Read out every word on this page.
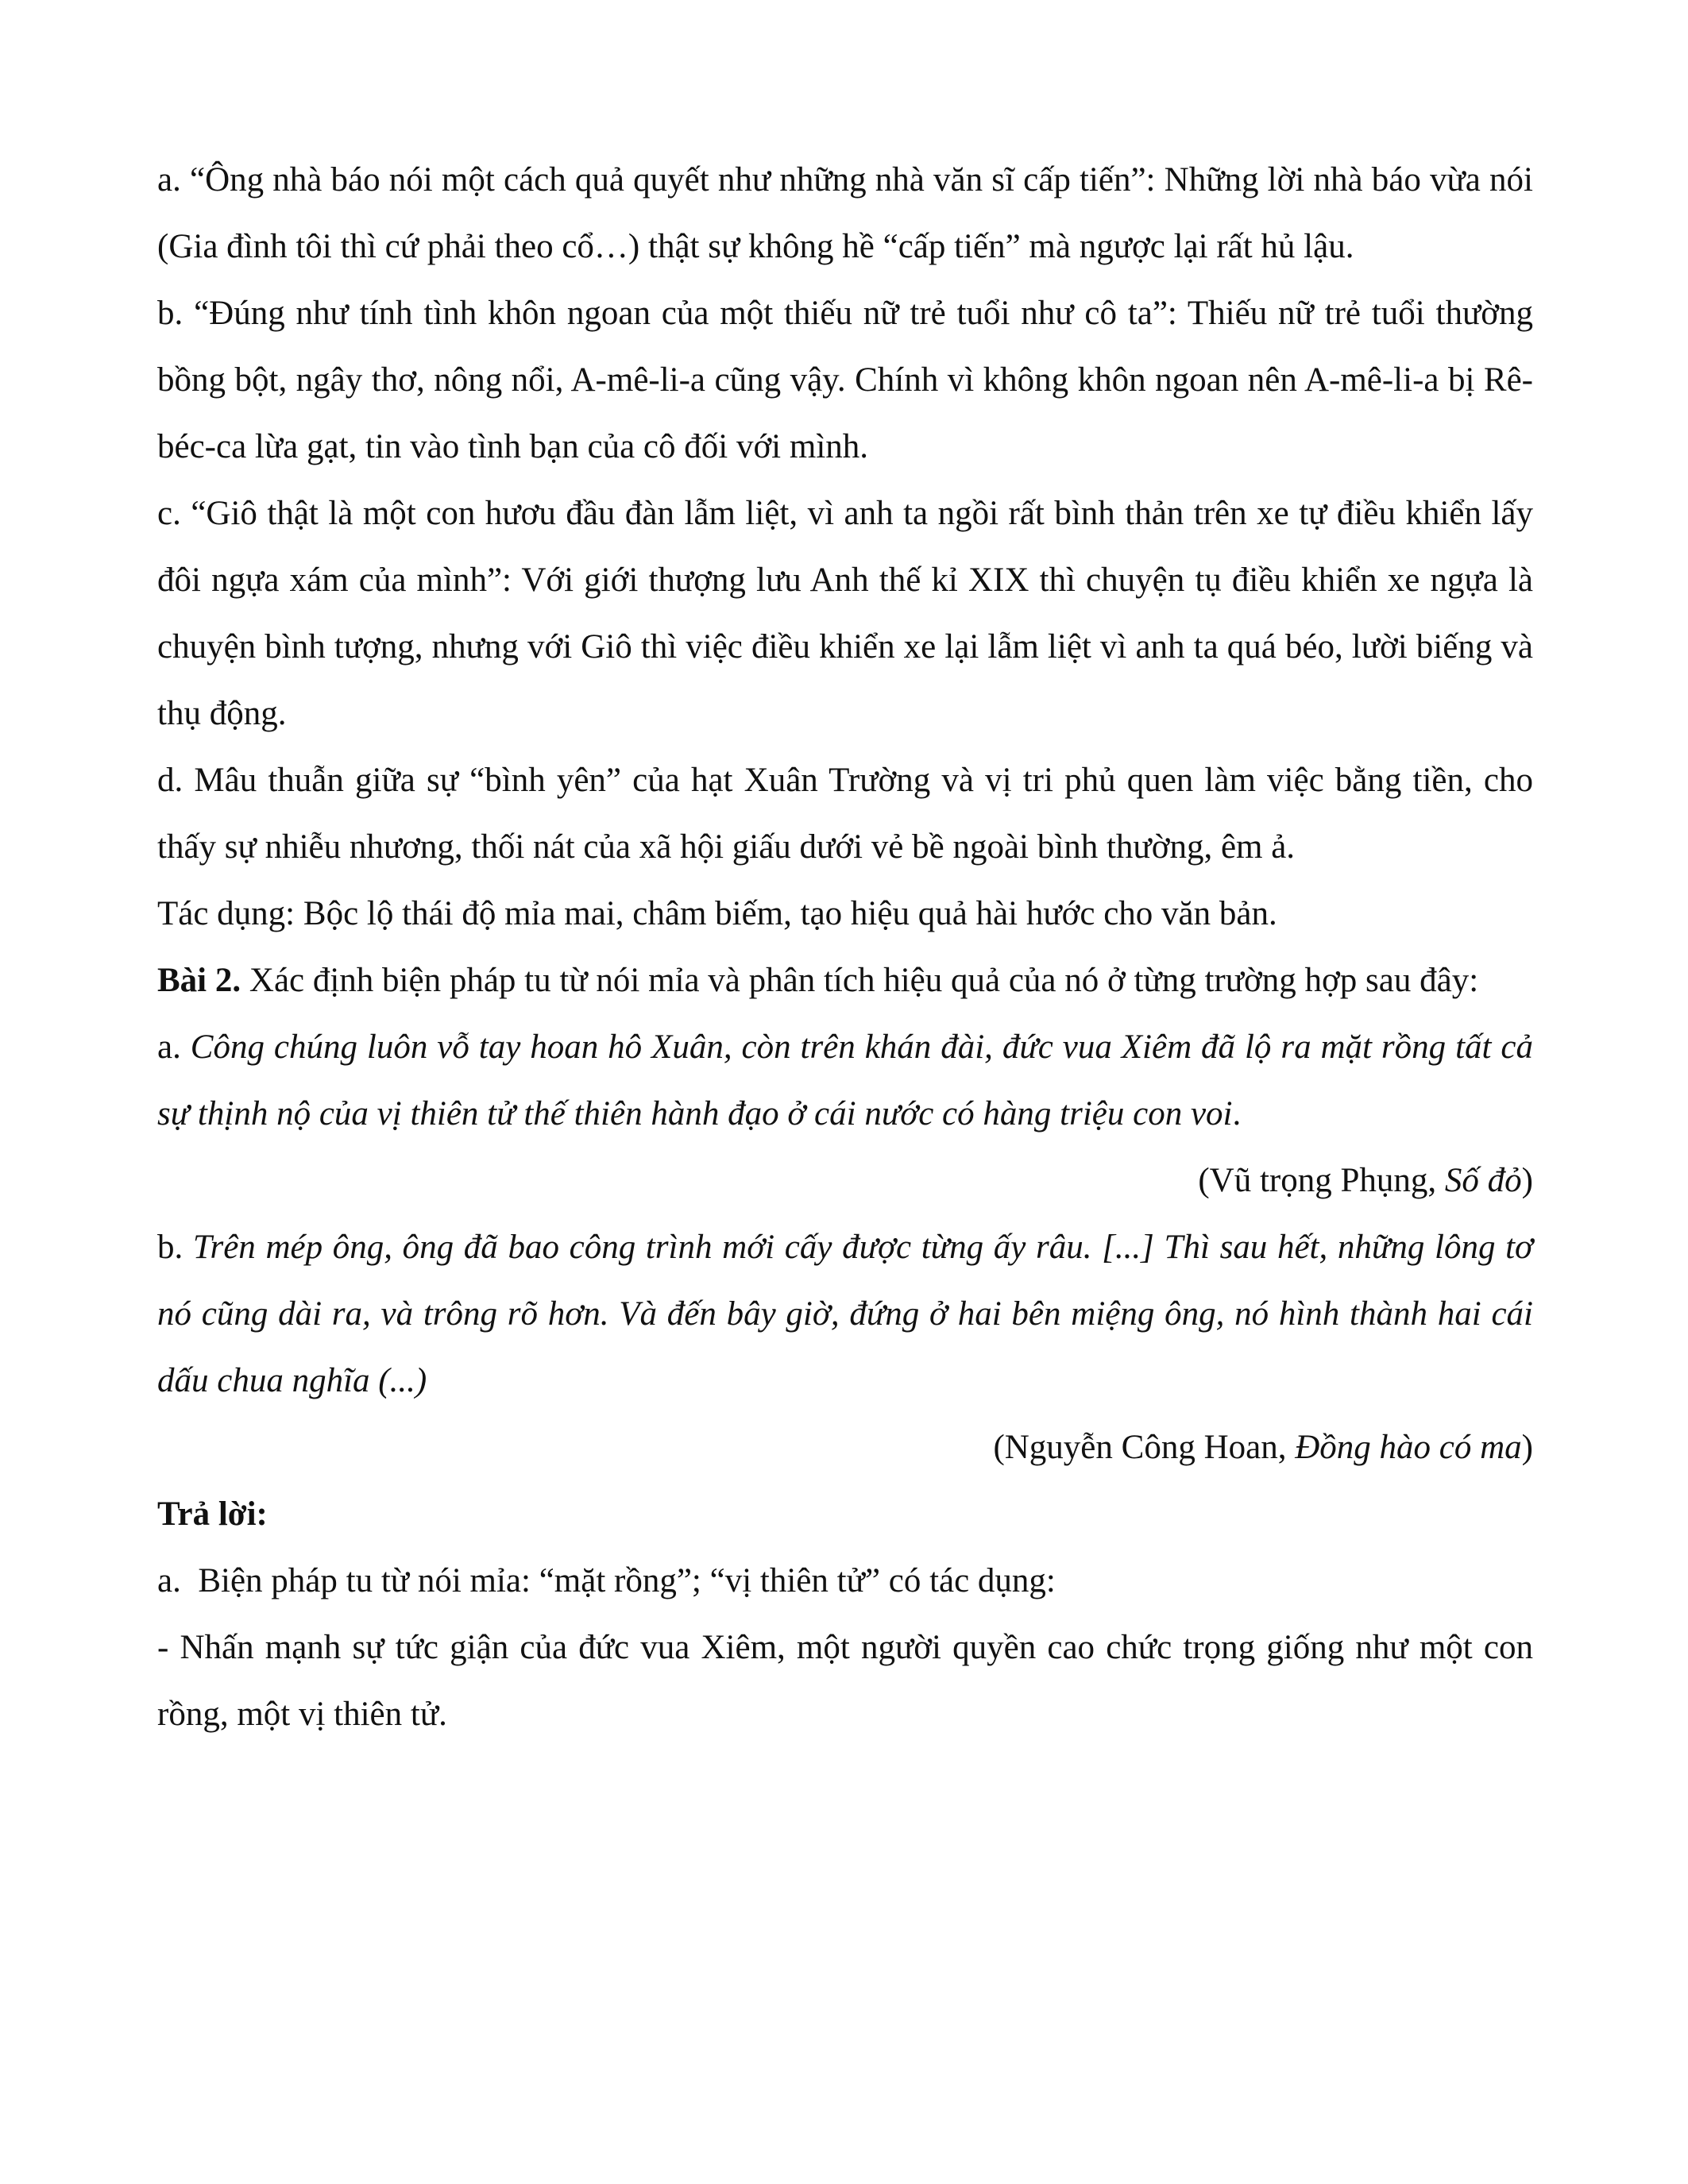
a. “Ông nhà báo nói một cách quả quyết như những nhà văn sĩ cấp tiến”: Những lời nhà báo vừa nói (Gia đình tôi thì cứ phải theo cổ…) thật sự không hề “cấp tiến” mà ngược lại rất hủ lậu.

b. “Đúng như tính tình khôn ngoan của một thiếu nữ trẻ tuổi như cô ta”: Thiếu nữ trẻ tuổi thường bồng bột, ngây thơ, nông nổi, A-mê-li-a cũng vậy. Chính vì không khôn ngoan nên A-mê-li-a bị Rê-béc-ca lừa gạt, tin vào tình bạn của cô đối với mình.

c. “Giô thật là một con hươu đầu đàn lẫm liệt, vì anh ta ngồi rất bình thản trên xe tự điều khiển lấy đôi ngựa xám của mình”: Với giới thượng lưu Anh thế kỉ XIX thì chuyện tụ điều khiển xe ngựa là chuyện bình tượng, nhưng với Giô thì việc điều khiển xe lại lẫm liệt vì anh ta quá béo, lười biếng và thụ động.

d. Mâu thuẫn giữa sự “bình yên” của hạt Xuân Trường và vị tri phủ quen làm việc bằng tiền, cho thấy sự nhiễu nhương, thối nát của xã hội giấu dưới vẻ bề ngoài bình thường, êm ả.

Tác dụng: Bộc lộ thái độ mỉa mai, châm biếm, tạo hiệu quả hài hước cho văn bản.

Bài 2. Xác định biện pháp tu từ nói mỉa và phân tích hiệu quả của nó ở từng trường hợp sau đây:

a. Công chúng luôn vỗ tay hoan hô Xuân, còn trên khán đài, đức vua Xiêm đã lộ ra mặt rồng tất cả sự thịnh nộ của vị thiên tử thế thiên hành đạo ở cái nước có hàng triệu con voi.

(Vũ trọng Phụng, Số đỏ)

b. Trên mép ông, ông đã bao công trình mới cấy được từng ấy râu. [...] Thì sau hết, những lông tơ nó cũng dài ra, và trông rõ hơn. Và đến bây giờ, đứng ở hai bên miệng ông, nó hình thành hai cái dấu chua nghĩa (...)

(Nguyễn Công Hoan, Đồng hào có ma)

Trả lời:

a.  Biện pháp tu từ nói mỉa: “mặt rồng”; “vị thiên tử” có tác dụng:

- Nhấn mạnh sự tức giận của đức vua Xiêm, một người quyền cao chức trọng giống như một con rồng, một vị thiên tử.
